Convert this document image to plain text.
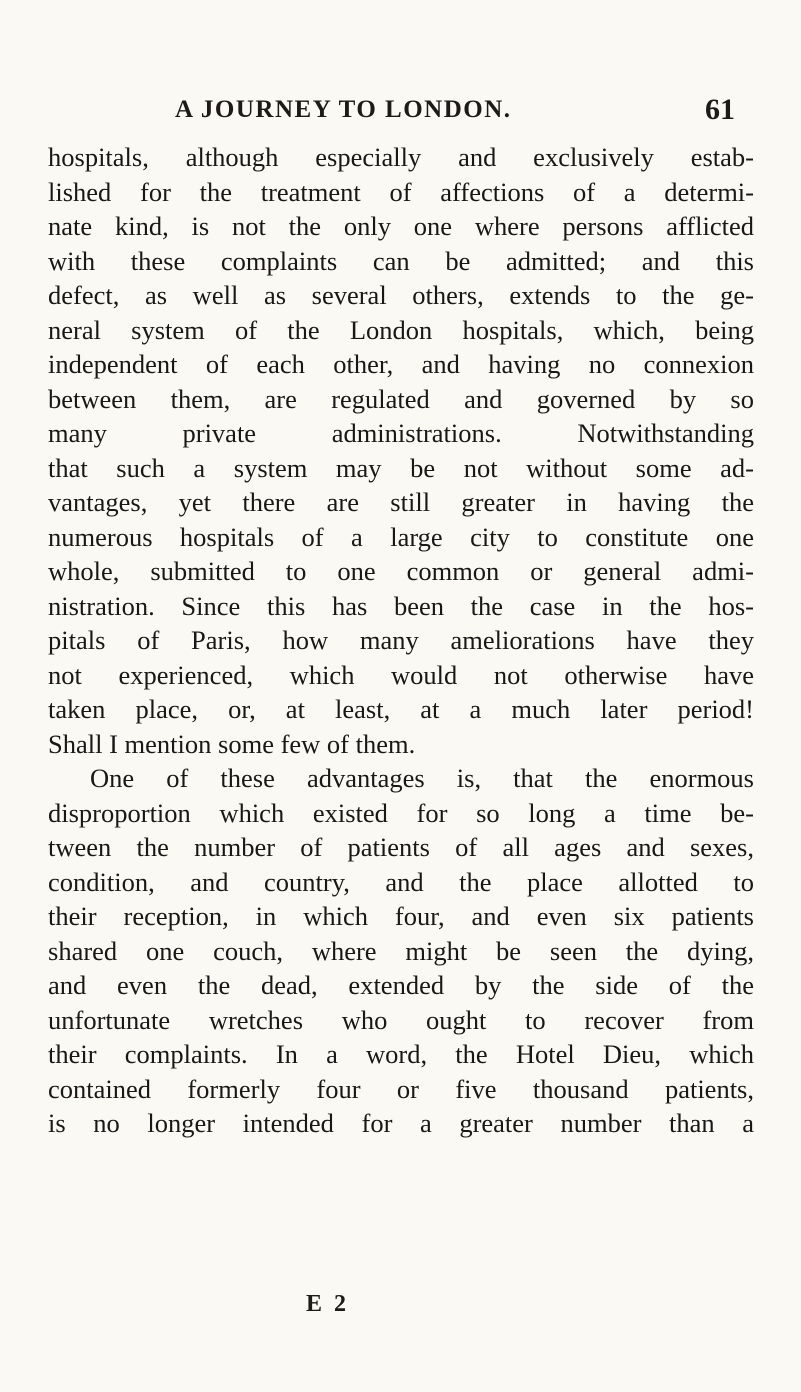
A JOURNEY TO LONDON.	61
hospitals, although especially and exclusively estab-
lished for the treatment of affections of a determi-
nate kind, is not the only one where persons afflicted
with these complaints can be admitted; and this
defect, as well as several others, extends to the ge-
neral system of the London hospitals, which, being
independent of each other, and having no connexion
between them, are regulated and governed by so
many private administrations. Notwithstanding
that such a system may be not without some ad-
vantages, yet there are still greater in having the
numerous hospitals of a large city to constitute one
whole, submitted to one common or general admi-
nistration. Since this has been the case in the hos-
pitals of Paris, how many ameliorations have they
not experienced, which would not otherwise have
taken place, or, at least, at a much later period!
Shall I mention some few of them.
One of these advantages is, that the enormous
disproportion which existed for so long a time be-
tween the number of patients of all ages and sexes,
condition, and country, and the place allotted to
their reception, in which four, and even six patients
shared one couch, where might be seen the dying,
and even the dead, extended by the side of the
unfortunate wretches who ought to recover from
their complaints. In a word, the Hotel Dieu, which
contained formerly four or five thousand patients,
is no longer intended for a greater number than a
E 2
